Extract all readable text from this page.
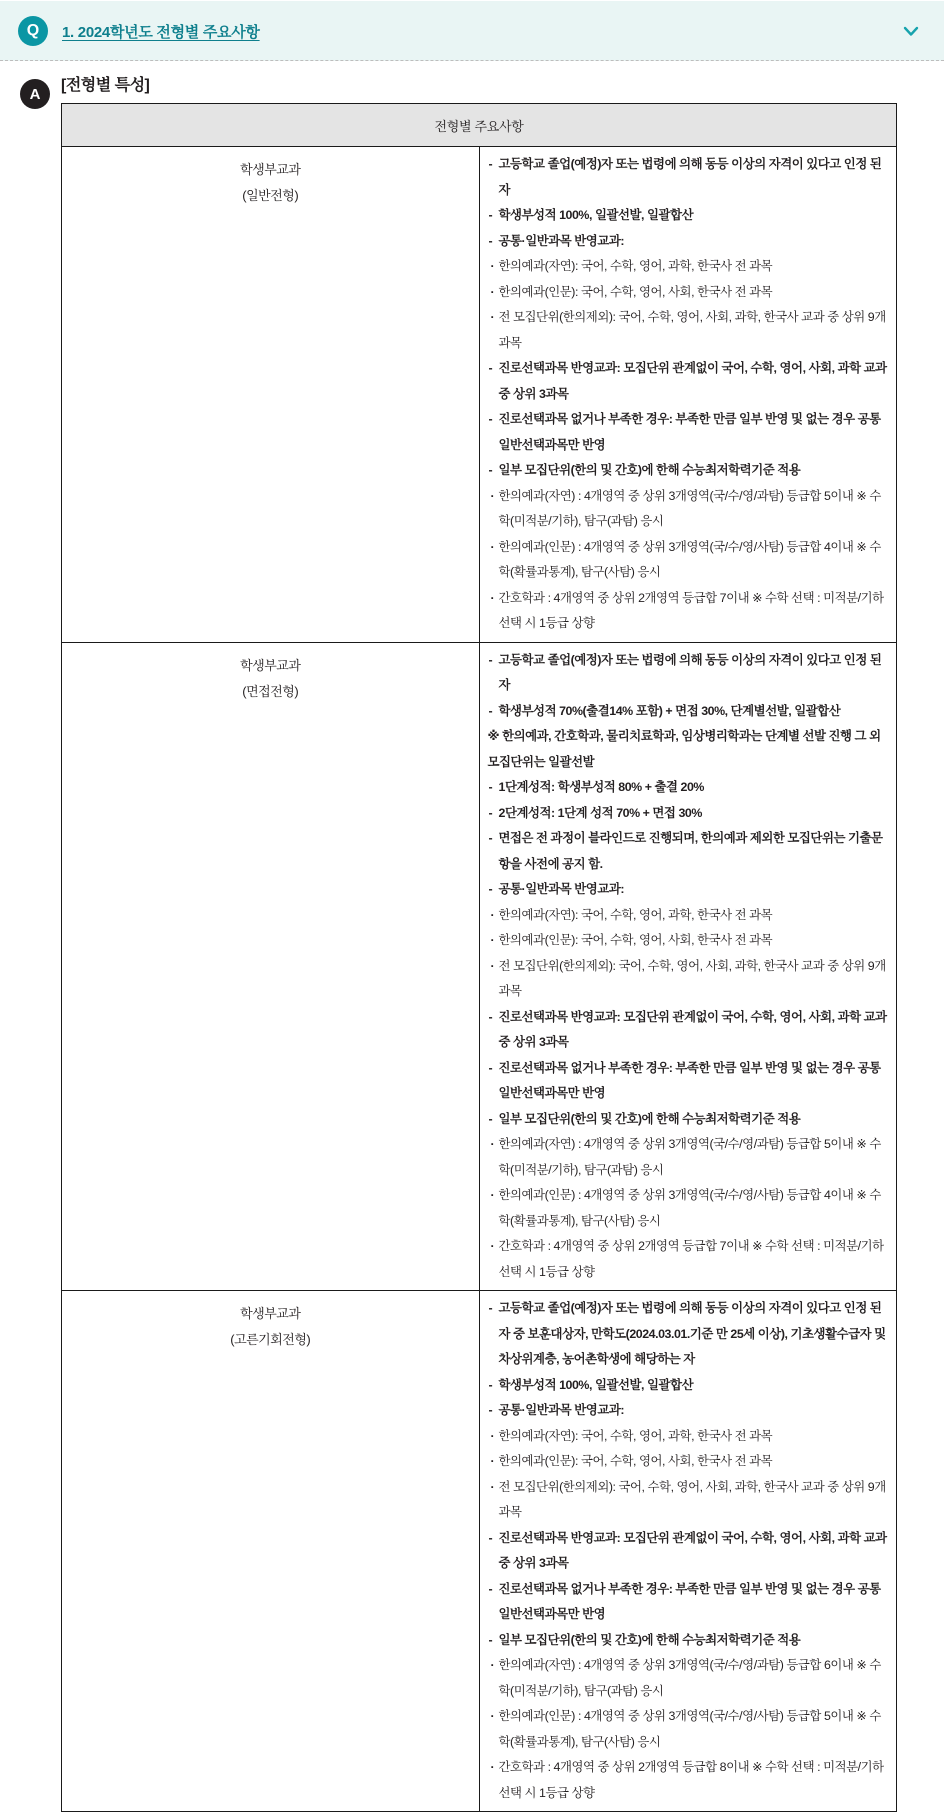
Q	1. 2024학년도 전형별 주요사항
A	[전형별 특성]
전형별 주요사항	

학생부교과
(일반전형)

- 고등학교 졸업(예정)자 또는 법령에 의해 동등 이상의 자격이 있다고 인정 된 자
- 학생부성적 100%, 일괄선발, 일괄합산
- 공통·일반과목 반영교과:
· 한의예과(자연): 국어, 수학, 영어, 과학, 한국사 전 과목
· 한의예과(인문): 국어, 수학, 영어, 사회, 한국사 전 과목
· 전 모집단위(한의제외): 국어, 수학, 영어, 사회, 과학, 한국사 교과 중 상위 9개 과목
- 진로선택과목 반영교과: 모집단위 관계없이 국어, 수학, 영어, 사회, 과학 교과 중 상위 3과목
- 진로선택과목 없거나 부족한 경우: 부족한 만큼 일부 반영 및 없는 경우 공통일반선택과목만 반영
- 일부 모집단위(한의 및 간호)에 한해 수능최저학력기준 적용
· 한의예과(자연) : 4개영역 중 상위 3개영역(국/수/영/과탐) 등급합 5이내 ※ 수학(미적분/기하), 탐구(과탐) 응시
· 한의예과(인문) : 4개영역 중 상위 3개영역(국/수/영/사탐) 등급합 4이내 ※ 수학(확률과통계), 탐구(사탐) 응시
· 간호학과 : 4개영역 중 상위 2개영역 등급합 7이내 ※ 수학 선택 : 미적분/기하 선택 시 1등급 상향

학생부교과
(면접전형)

- 고등학교 졸업(예정)자 또는 법령에 의해 동등 이상의 자격이 있다고 인정 된 자
- 학생부성적 70%(출결14% 포함) + 면접 30%, 단계별선발, 일괄합산
※ 한의예과, 간호학과, 물리치료학과, 임상병리학과는 단계별 선발 진행 그 외 모집단위는 일괄선발
- 1단계성적: 학생부성적 80% + 출결 20%
- 2단계성적: 1단계 성적 70% + 면접 30%
- 면접은 전 과정이 블라인드로 진행되며, 한의예과 제외한 모집단위는 기출문항을 사전에 공지 함.
- 공통·일반과목 반영교과:
· 한의예과(자연): 국어, 수학, 영어, 과학, 한국사 전 과목
· 한의예과(인문): 국어, 수학, 영어, 사회, 한국사 전 과목
· 전 모집단위(한의제외): 국어, 수학, 영어, 사회, 과학, 한국사 교과 중 상위 9개 과목
- 진로선택과목 반영교과: 모집단위 관계없이 국어, 수학, 영어, 사회, 과학 교과 중 상위 3과목
- 진로선택과목 없거나 부족한 경우: 부족한 만큼 일부 반영 및 없는 경우 공통일반선택과목만 반영
- 일부 모집단위(한의 및 간호)에 한해 수능최저학력기준 적용
· 한의예과(자연) : 4개영역 중 상위 3개영역(국/수/영/과탐) 등급합 5이내 ※ 수학(미적분/기하), 탐구(과탐) 응시
· 한의예과(인문) : 4개영역 중 상위 3개영역(국/수/영/사탐) 등급합 4이내 ※ 수학(확률과통계), 탐구(사탐) 응시
· 간호학과 : 4개영역 중 상위 2개영역 등급합 7이내 ※ 수학 선택 : 미적분/기하 선택 시 1등급 상향

학생부교과
(고른기회전형)

- 고등학교 졸업(예정)자 또는 법령에 의해 동등 이상의 자격이 있다고 인정 된 자 중 보훈대상자, 만학도(2024.03.01.기준 만 25세 이상), 기초생활수급자 및 차상위계층, 농어촌학생에 해당하는 자
- 학생부성적 100%, 일괄선발, 일괄합산
- 공통·일반과목 반영교과:
· 한의예과(자연): 국어, 수학, 영어, 과학, 한국사 전 과목
· 한의예과(인문): 국어, 수학, 영어, 사회, 한국사 전 과목
· 전 모집단위(한의제외): 국어, 수학, 영어, 사회, 과학, 한국사 교과 중 상위 9개 과목
- 진로선택과목 반영교과: 모집단위 관계없이 국어, 수학, 영어, 사회, 과학 교과 중 상위 3과목
- 진로선택과목 없거나 부족한 경우: 부족한 만큼 일부 반영 및 없는 경우 공통일반선택과목만 반영
- 일부 모집단위(한의 및 간호)에 한해 수능최저학력기준 적용
· 한의예과(자연) : 4개영역 중 상위 3개영역(국/수/영/과탐) 등급합 6이내 ※ 수학(미적분/기하), 탐구(과탐) 응시
· 한의예과(인문) : 4개영역 중 상위 3개영역(국/수/영/사탐) 등급합 5이내 ※ 수학(확률과통계), 탐구(사탐) 응시
· 간호학과 : 4개영역 중 상위 2개영역 등급합 8이내 ※ 수학 선택 : 미적분/기하 선택 시 1등급 상향
